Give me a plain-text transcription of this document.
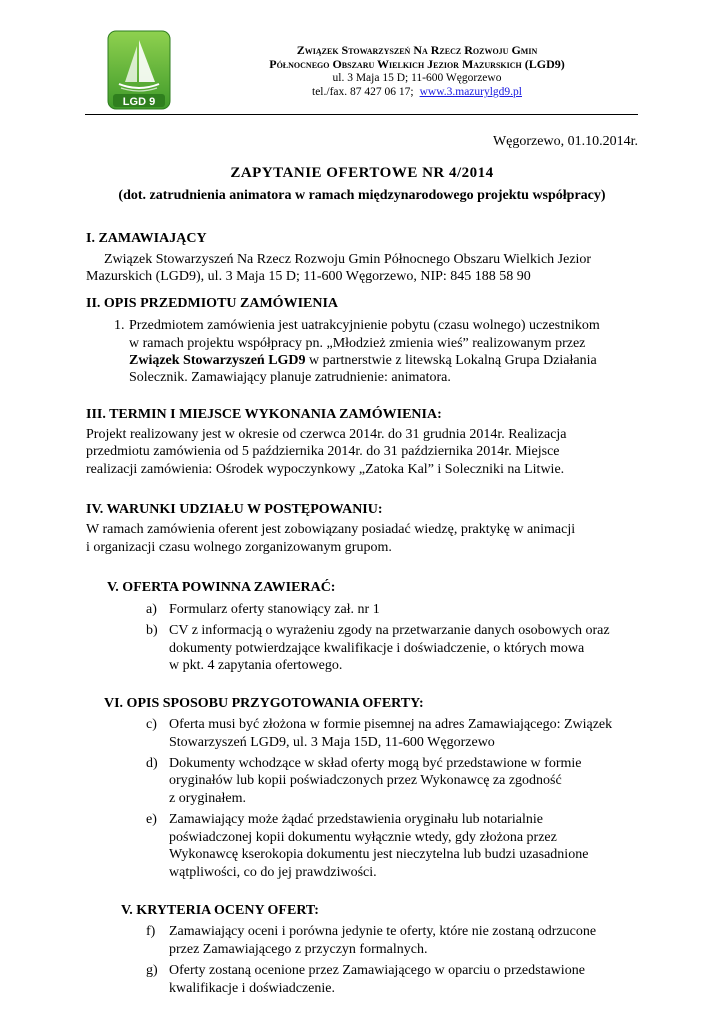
LGD 9
Związek Stowarzyszeń Na Rzecz Rozwoju Gmin
Północnego Obszaru Wielkich Jezior Mazurskich (LGD9)
ul. 3 Maja 15 D; 11-600 Węgorzewo
tel./fax. 87 427 06 17; www.3.mazurylgd9.pl
Węgorzewo, 01.10.2014r.
ZAPYTANIE OFERTOWE NR 4/2014
(dot. zatrudnienia animatora w ramach międzynarodowego projektu współpracy)
I. ZAMAWIAJĄCY
Związek Stowarzyszeń Na Rzecz Rozwoju Gmin Północnego Obszaru Wielkich Jezior
Mazurskich (LGD9), ul. 3 Maja 15 D; 11-600 Węgorzewo, NIP: 845 188 58 90
II. OPIS PRZEDMIOTU ZAMÓWIENIA
1. Przedmiotem zamówienia jest uatrakcyjnienie pobytu (czasu wolnego) uczestnikom
w ramach projektu współpracy pn. „Młodzież zmienia wieś” realizowanym przez
Związek Stowarzyszeń LGD9 w partnerstwie z litewską Lokalną Grupa Działania
Solecznik. Zamawiający planuje zatrudnienie: animatora.
III. TERMIN I MIEJSCE WYKONANIA ZAMÓWIENIA:
Projekt realizowany jest w okresie od czerwca 2014r. do 31 grudnia 2014r. Realizacja
przedmiotu zamówienia od 5 października 2014r. do 31 października 2014r. Miejsce
realizacji zamówienia: Ośrodek wypoczynkowy „Zatoka Kal” i Soleczniki na Litwie.
IV. WARUNKI UDZIAŁU W POSTĘPOWANIU:
W ramach zamówienia oferent jest zobowiązany posiadać wiedzę, praktykę w animacji
i organizacji czasu wolnego zorganizowanym grupom.
V. OFERTA POWINNA ZAWIERAĆ:
a) Formularz oferty stanowiący zał. nr 1
b) CV z informacją o wyrażeniu zgody na przetwarzanie danych osobowych oraz
dokumenty potwierdzające kwalifikacje i doświadczenie, o których mowa
w pkt. 4 zapytania ofertowego.
VI. OPIS SPOSOBU PRZYGOTOWANIA OFERTY:
c) Oferta musi być złożona w formie pisemnej na adres Zamawiającego: Związek
Stowarzyszeń LGD9, ul. 3 Maja 15D, 11-600 Węgorzewo
d) Dokumenty wchodzące w skład oferty mogą być przedstawione w formie
oryginałów lub kopii poświadczonych przez Wykonawcę za zgodność
z oryginałem.
e) Zamawiający może żądać przedstawienia oryginału lub notarialnie
poświadczonej kopii dokumentu wyłącznie wtedy, gdy złożona przez
Wykonawcę kserokopia dokumentu jest nieczytelna lub budzi uzasadnione
wątpliwości, co do jej prawdziwości.
V. KRYTERIA OCENY OFERT:
f) Zamawiający oceni i porówna jedynie te oferty, które nie zostaną odrzucone
przez Zamawiającego z przyczyn formalnych.
g) Oferty zostaną ocenione przez Zamawiającego w oparciu o przedstawione
kwalifikacje i doświadczenie.
